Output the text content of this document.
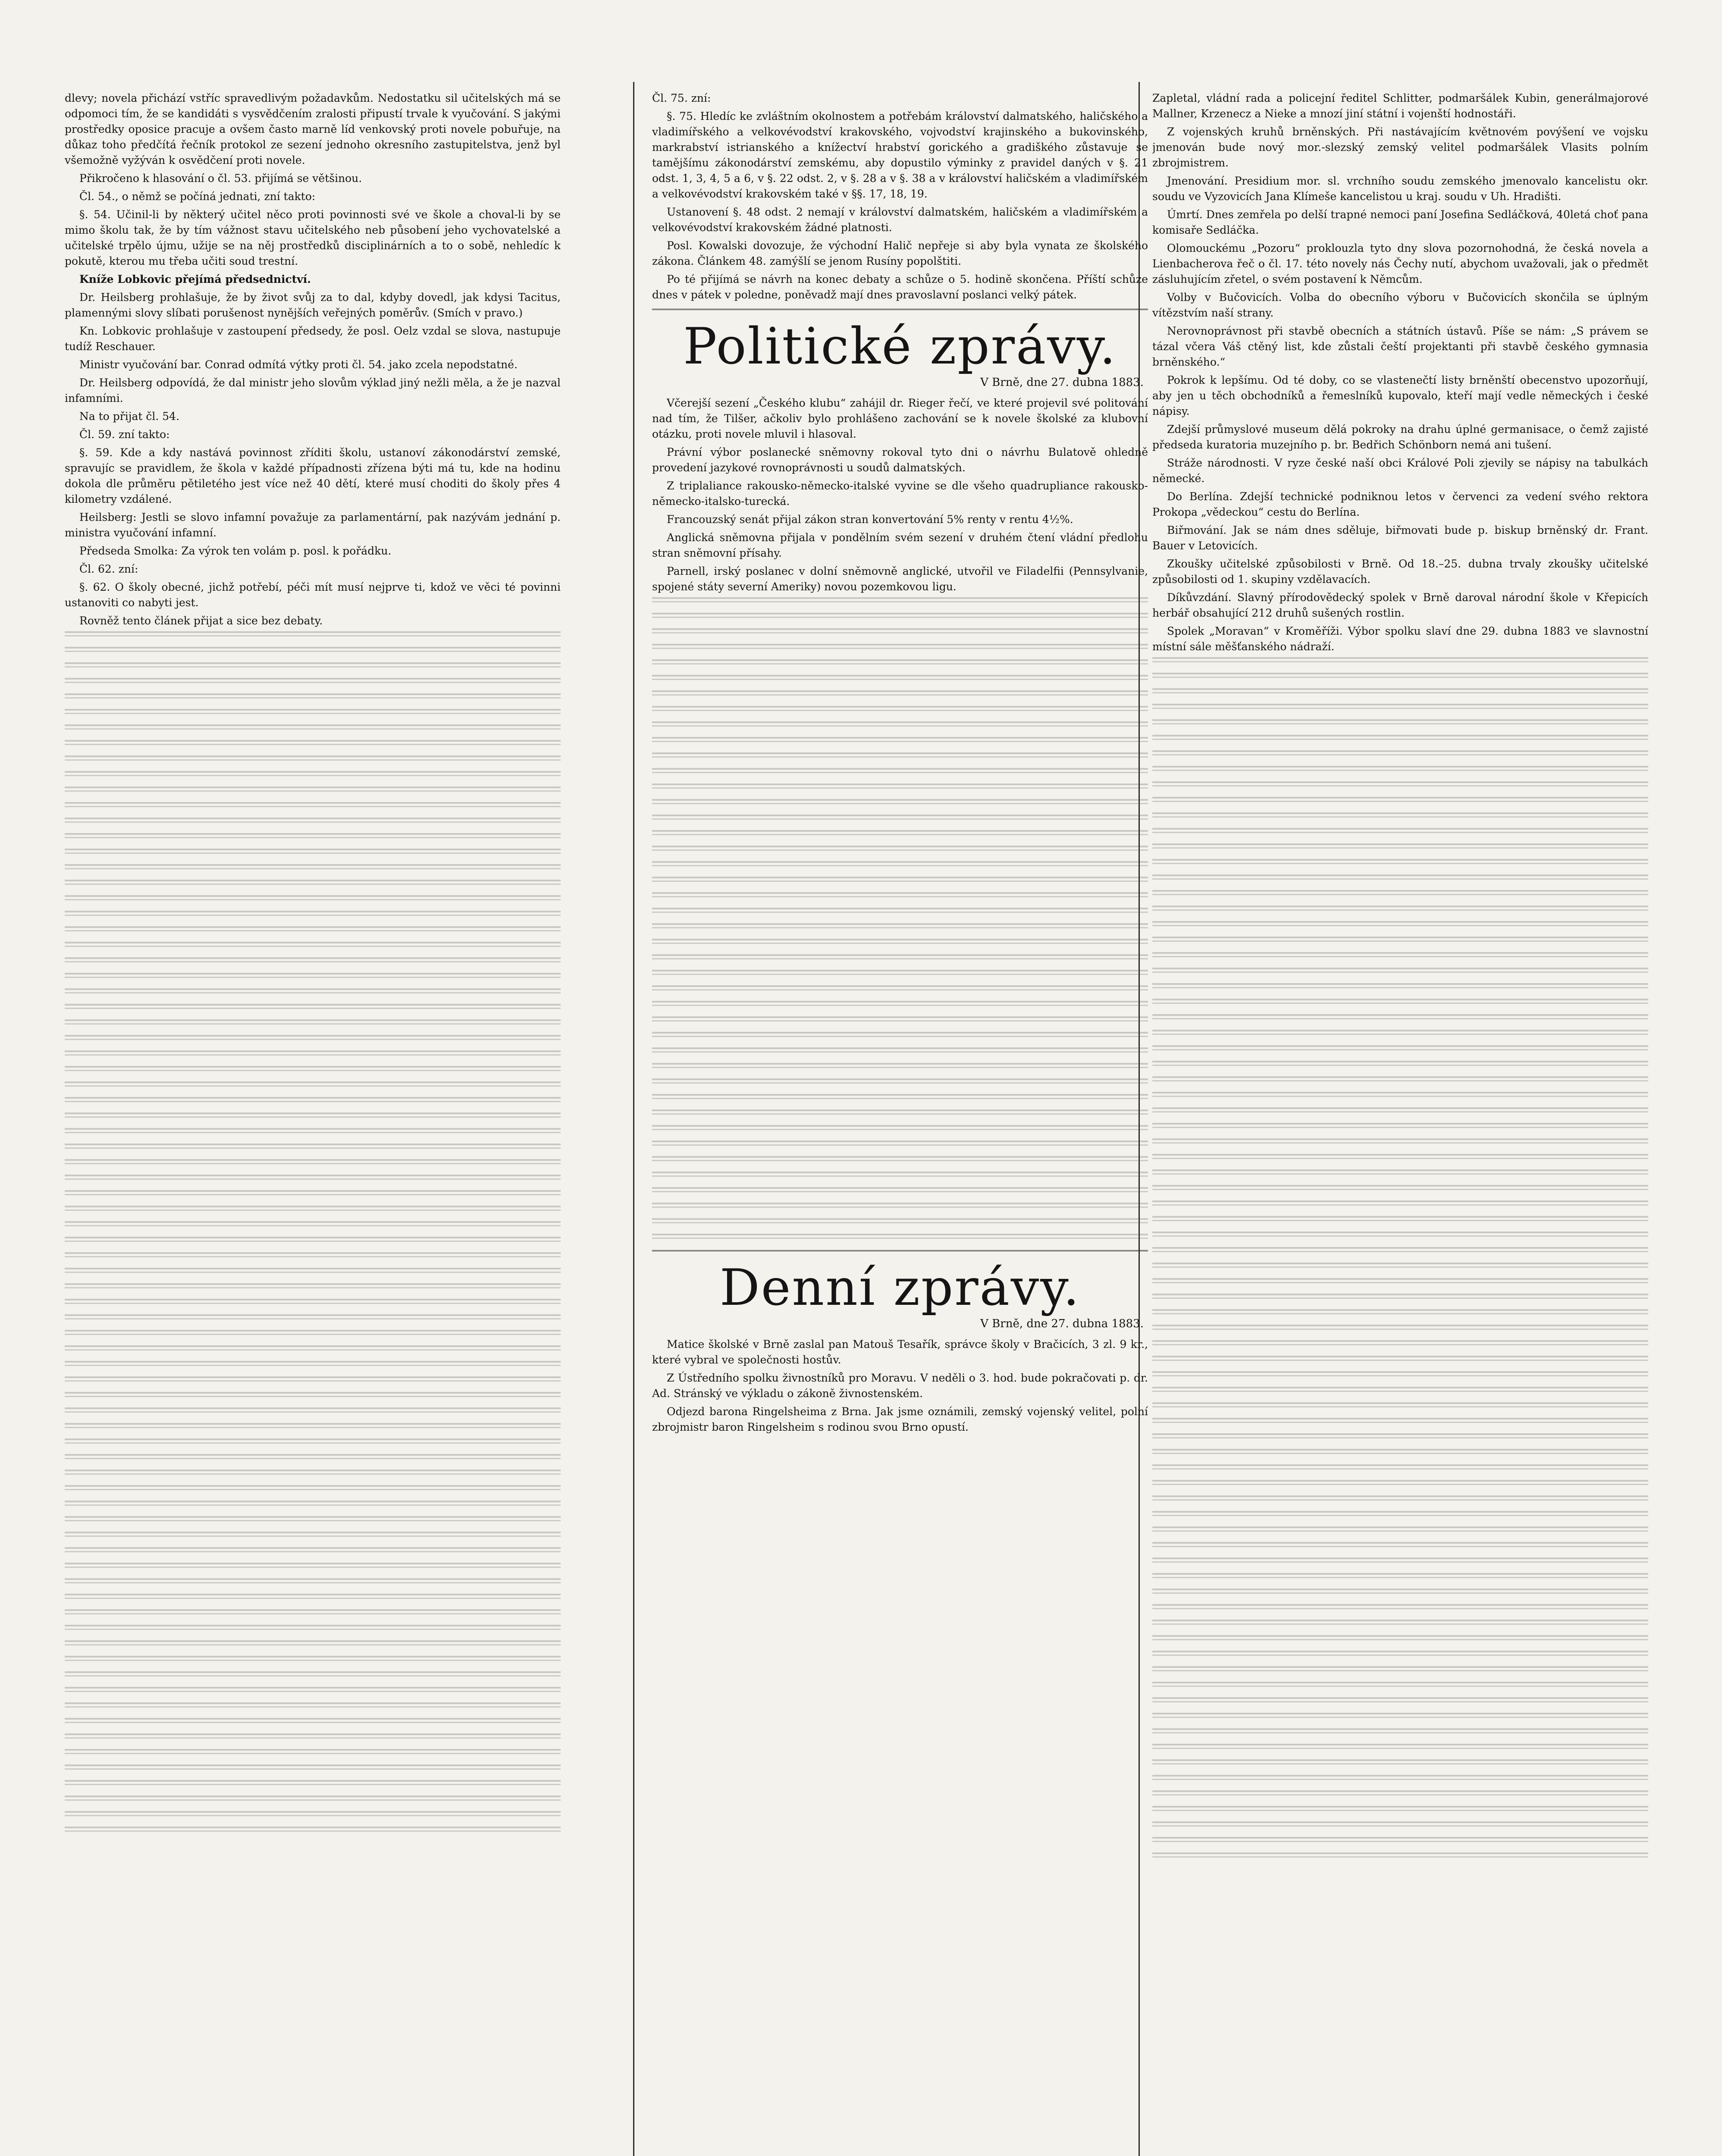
dlevy; novela přichází vstříc spravedlivým požadavkům. Nedostatku sil učitelských má se odpomoci tím, že se kandidáti s vysvědčením zralosti připustí trvale k vyučování. S jakými prostředky oposice pracuje a ovšem často marně líd venkovský proti novele pobuřuje, na důkaz toho předčítá řečník protokol ze sezení jednoho okresního zastupitelstva, jenž byl všemožně vyžýván k osvědčení proti novele.

Přikročeno k hlasování o čl. 53. přijímá se většinou.

Čl. 54., o němž se počíná jednati, zní takto:

§. 54. Učinil-li by některý učitel něco proti povinnosti své ve škole a choval-li by se mimo školu tak, že by tím vážnost stavu učitelského neb působení jeho vychovatelské a učitelské trpělo újmu, užije se na něj prostředků disciplinárních a to o sobě, nehledíc k pokutě, kterou mu třeba učiti soud trestní.

Kníže Lobkovic přejímá předsednictví.

Dr. Heilsberg prohlašuje, že by život svůj za to dal, kdyby dovedl, jak kdysi Tacitus, plamennými slovy slíbati porušenost nynějších veřejných poměrův. (Smích v pravo.)

Kn. Lobkovic prohlašuje v zastoupení předsedy, že posl. Oelz vzdal se slova, nastupuje tudíž Reschauer.

Ministr vyučování bar. Conrad odmítá výtky proti čl. 54. jako zcela nepodstatné.

Dr. Heilsberg odpovídá, že dal ministr jeho slovům výklad jiný nežli měla, a že je nazval infamními.

Na to přijat čl. 54.

Čl. 59. zní takto:

§. 59. Kde a kdy nastává povinnost zříditi školu, ustanoví zákonodárství zemské, spravujíc se pravidlem, že škola v každé případnosti zřízena býti má tu, kde na hodinu dokola dle průměru pětiletého jest více než 40 dětí, které musí choditi do školy přes 4 kilometry vzdálené.

Heilsberg: Jestli se slovo infamní považuje za parlamentární, pak nazývám jednání p. ministra vyučování infamní.

Předseda Smolka: Za výrok ten volám p. posl. k pořádku.

Čl. 62. zní:

§. 62. O školy obecné, jichž potřebí, péči mít musí nejprve ti, kdož ve věci té povinni ustanoviti co nabyti jest.

Rovněž tento článek přijat a sice bez debaty.

Čl. 75. zní:

§. 75. Hledíc ke zvláštním okolnostem a potřebám království dalmatského, haličského a vladimířského a velkovévodství krakovského, vojvodství krajinského a bukovinského, markrabství istrianského a knížectví hrabství gorického a gradiškého zůstavuje se tamějšímu zákonodárství zemskému, aby dopustilo výminky z pravidel daných v §. 21 odst. 1, 3, 4, 5 a 6, v §. 22 odst. 2, v §. 28 a v §. 38 a v království haličském a vladimířském a velkovévodství krakovském také v §§. 17, 18, 19.

Ustanovení §. 48 odst. 2 nemají v království dalmatském, haličském a vladimířském a velkovévodství krakovském žádné platnosti.

Posl. Kowalski dovozuje, že východní Halič nepřeje si aby byla vynata ze školského zákona. Článkem 48. zamýšlí se jenom Rusíny popolštiti.

Po té přijímá se návrh na konec debaty a schůze o 5. hodině skončena. Příští schůze dnes v pátek v poledne, poněvadž mají dnes pravoslavní poslanci velký pátek.

Politické zprávy.
V Brně, dne 27. dubna 1883.

Včerejší sezení „Českého klubu“ zahájil dr. Rieger řečí, ve které projevil své politování nad tím, že Tilšer, ačkoliv bylo prohlášeno zachování se k novele školské za klubovní otázku, proti novele mluvil i hlasoval.

Právní výbor poslanecké sněmovny rokoval tyto dni o návrhu Bulatově ohledně provedení jazykové rovnoprávnosti u soudů dalmatských.

Z triplaliance rakousko-německo-italské vyvine se dle všeho quadrupliance rakousko-německo-italsko-turecká.

Francouzský senát přijal zákon stran konvertování 5% renty v rentu 4½%.

Anglická sněmovna přijala v pondělním svém sezení v druhém čtení vládní předlohu stran sněmovní přísahy.

Parnell, irský poslanec v dolní sněmovně anglické, utvořil ve Filadelfii (Pennsylvanie, spojené státy severní Ameriky) novou pozemkovou ligu.

Denní zprávy.
V Brně, dne 27. dubna 1883.

Matice školské v Brně zaslal pan Matouš Tesařík, správce školy v Bračicích, 3 zl. 9 kr., které vybral ve společnosti hostův.

Z Ústředního spolku živnostníků pro Moravu. V neděli o 3. hod. bude pokračovati p. dr. Ad. Stránský ve výkladu o zákoně živnostenském.

Odjezd barona Ringelsheima z Brna. Jak jsme oznámili, zemský vojenský velitel, polní zbrojmistr baron Ringelsheim s rodinou svou Brno opustí.

Zapletal, vládní rada a policejní ředitel Schlitter, podmaršálek Kubin, generálmajorové Mallner, Krzenecz a Nieke a mnozí jiní státní i vojenští hodnostáři.

Z vojenských kruhů brněnských. Při nastávajícím květnovém povýšení ve vojsku jmenován bude nový mor.-slezský zemský velitel podmaršálek Vlasits polním zbrojmistrem.

Jmenování. Presidium mor. sl. vrchního soudu zemského jmenovalo kancelistu okr. soudu ve Vyzovicích Jana Klímeše kancelistou u kraj. soudu v Uh. Hradišti.

Úmrtí. Dnes zemřela po delší trapné nemoci paní Josefina Sedláčková, 40letá choť pana komisaře Sedláčka.

Olomouckému „Pozoru“ proklouzla tyto dny slova pozornohodná, že česká novela a Lienbacherova řeč o čl. 17. této novely nás Čechy nutí, abychom uvažovali, jak o předmět zásluhujícím zřetel, o svém postavení k Němcům.

Volby v Bučovicích. Volba do obecního výboru v Bučovicích skončila se úplným vítězstvím naší strany.

Nerovnoprávnost při stavbě obecních a státních ústavů. Píše se nám: „S právem se tázal včera Váš ctěný list, kde zůstali čeští projektanti při stavbě českého gymnasia brněnského.“

Pokrok k lepšímu. Od té doby, co se vlastenečtí listy brněnští obecenstvo upozorňují, aby jen u těch obchodníků a řemeslníků kupovalo, kteří mají vedle německých i české nápisy.

Zdejší průmyslové museum dělá pokroky na drahu úplné germanisace, o čemž zajisté předseda kuratoria muzejního p. br. Bedřich Schönborn nemá ani tušení.

Stráže národnosti. V ryze české naší obci Králové Poli zjevily se nápisy na tabulkách německé.

Do Berlína. Zdejší technické podniknou letos v červenci za vedení svého rektora Prokopa „vědeckou“ cestu do Berlína.

Biřmování. Jak se nám dnes sděluje, biřmovati bude p. biskup brněnský dr. Frant. Bauer v Letovicích.

Zkoušky učitelské způsobilosti v Brně. Od 18.–25. dubna trvaly zkoušky učitelské způsobilosti od 1. skupiny vzdělavacích.

Díkůvzdání. Slavný přírodovědecký spolek v Brně daroval národní škole v Křepicích herbář obsahující 212 druhů sušených rostlin.

Spolek „Moravan“ v Kroměříži. Výbor spolku slaví dne 29. dubna 1883 ve slavnostní místní sále měšťanského nádraží.
